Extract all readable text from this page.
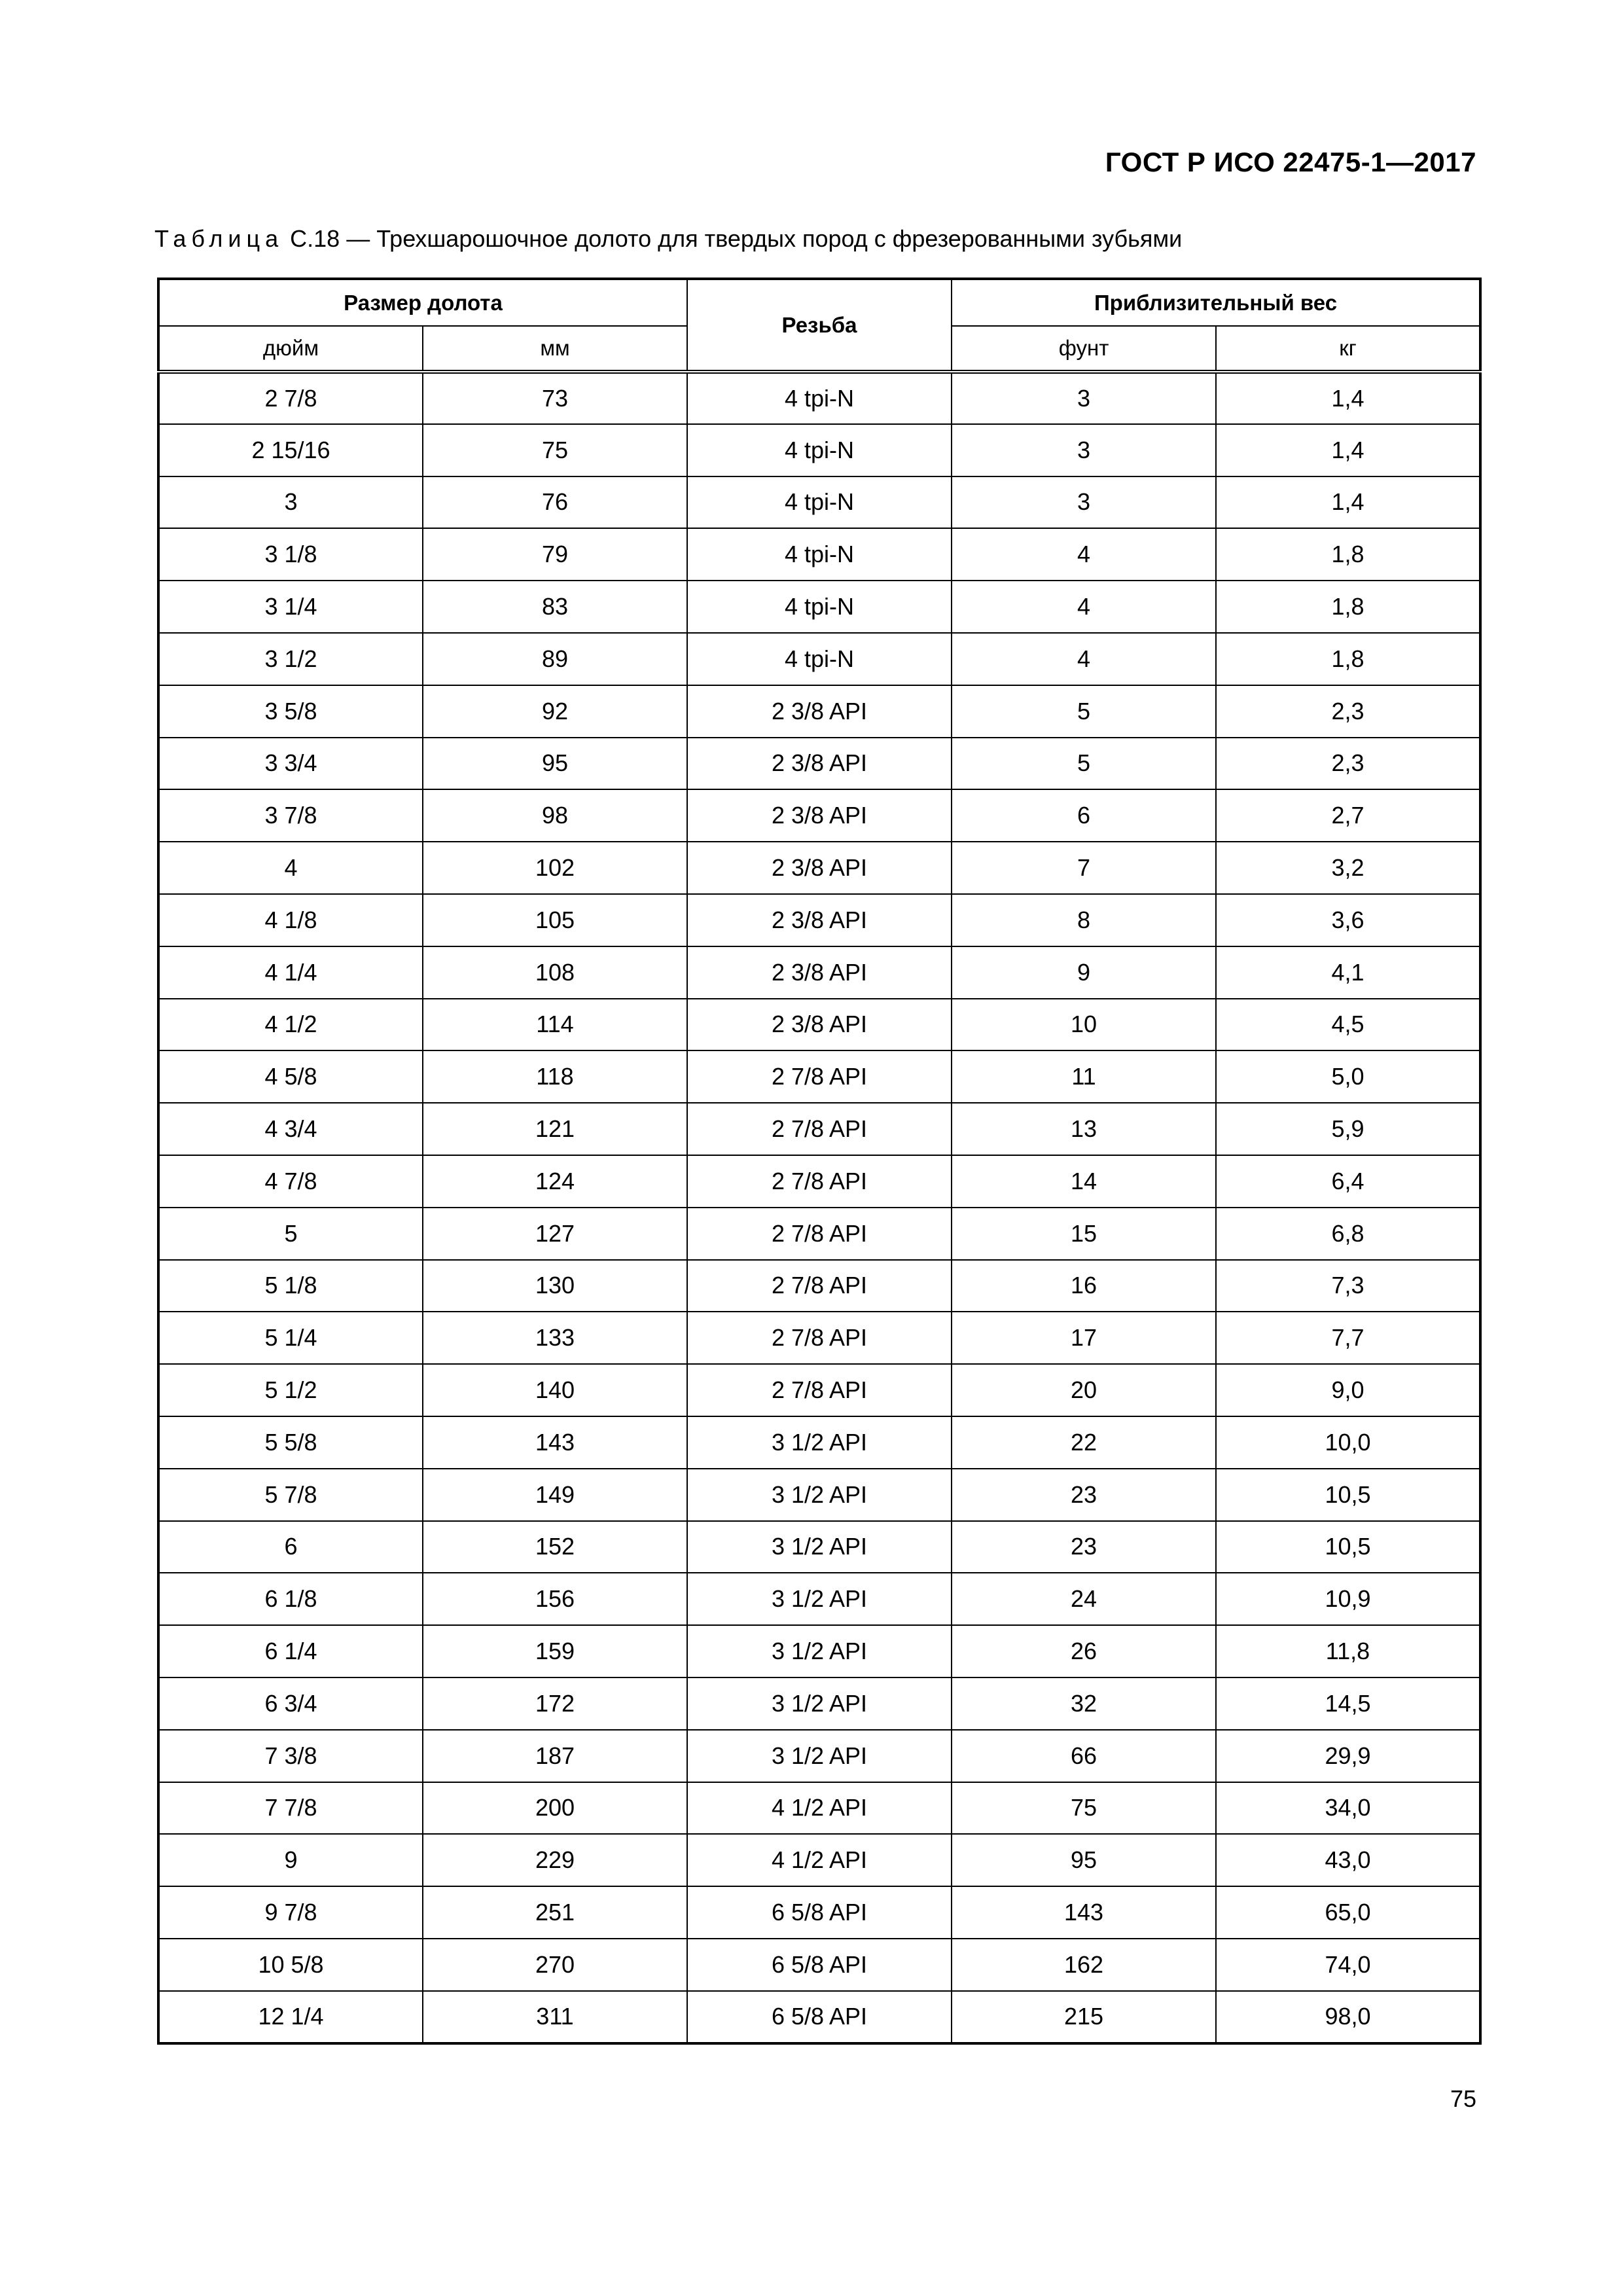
ГОСТ Р ИСО 22475-1—2017
Таблица С.18 — Трехшарошочное долото для твердых пород с фрезерованными зубьями
Размер долота		Резьба	Приблизительный вес	
дюйм	мм		фунт	кг
2 7/8	73	4 tpi-N	3	1,4
2 15/16	75	4 tpi-N	3	1,4
3	76	4 tpi-N	3	1,4
3 1/8	79	4 tpi-N	4	1,8
3 1/4	83	4 tpi-N	4	1,8
3 1/2	89	4 tpi-N	4	1,8
3 5/8	92	2 3/8 API	5	2,3
3 3/4	95	2 3/8 API	5	2,3
3 7/8	98	2 3/8 API	6	2,7
4	102	2 3/8 API	7	3,2
4 1/8	105	2 3/8 API	8	3,6
4 1/4	108	2 3/8 API	9	4,1
4 1/2	114	2 3/8 API	10	4,5
4 5/8	118	2 7/8 API	11	5,0
4 3/4	121	2 7/8 API	13	5,9
4 7/8	124	2 7/8 API	14	6,4
5	127	2 7/8 API	15	6,8
5 1/8	130	2 7/8 API	16	7,3
5 1/4	133	2 7/8 API	17	7,7
5 1/2	140	2 7/8 API	20	9,0
5 5/8	143	3 1/2 API	22	10,0
5 7/8	149	3 1/2 API	23	10,5
6	152	3 1/2 API	23	10,5
6 1/8	156	3 1/2 API	24	10,9
6 1/4	159	3 1/2 API	26	11,8
6 3/4	172	3 1/2 API	32	14,5
7 3/8	187	3 1/2 API	66	29,9
7 7/8	200	4 1/2 API	75	34,0
9	229	4 1/2 API	95	43,0
9 7/8	251	6 5/8 API	143	65,0
10 5/8	270	6 5/8 API	162	74,0
12 1/4	311	6 5/8 API	215	98,0
75
